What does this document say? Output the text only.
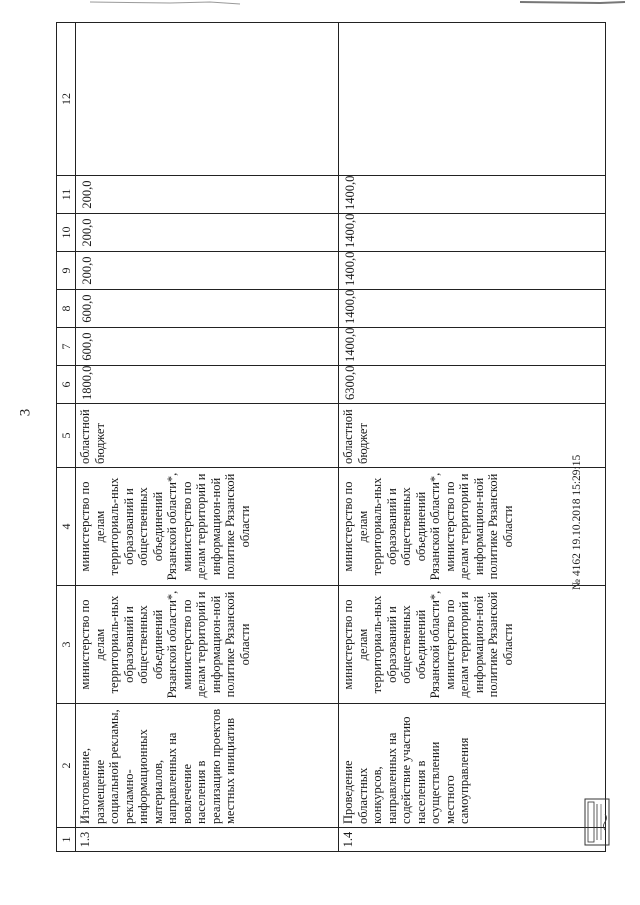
3
1	2	3	4	5	6	7	8	9	10	11	12
1.3	Изготовление, размещение социальной рекламы, рекламно-информационных материалов, направленных на вовлечение населения в реализацию проектов местных инициатив	министерство по делам территориаль-ных образований и общественных объединений Рязанской области*, министерство по делам территорий и информацион-ной политике Рязанской области	министерство по делам территориаль-ных образований и общественных объединений Рязанской области*, министерство по делам территорий и информацион-ной политике Рязанской области	областной бюджет	1800,0	600,0	600,0	200,0	200,0	200,0	
1.4	Проведение областных конкурсов, направленных на содействие участию населения в осуществлении местного самоуправления	министерство по делам территориаль-ных образований и общественных объединений Рязанской области*, министерство по делам территорий и информацион-ной политике Рязанской области	министерство по делам территориаль-ных образований и общественных объединений Рязанской области*, министерство по делам территорий и информацион-ной политике Рязанской области	областной бюджет	6300,0	1400,0	1400,0	1400,0	1400,0	1400,0	
№ 4162 19.10.2018 15:29:15
